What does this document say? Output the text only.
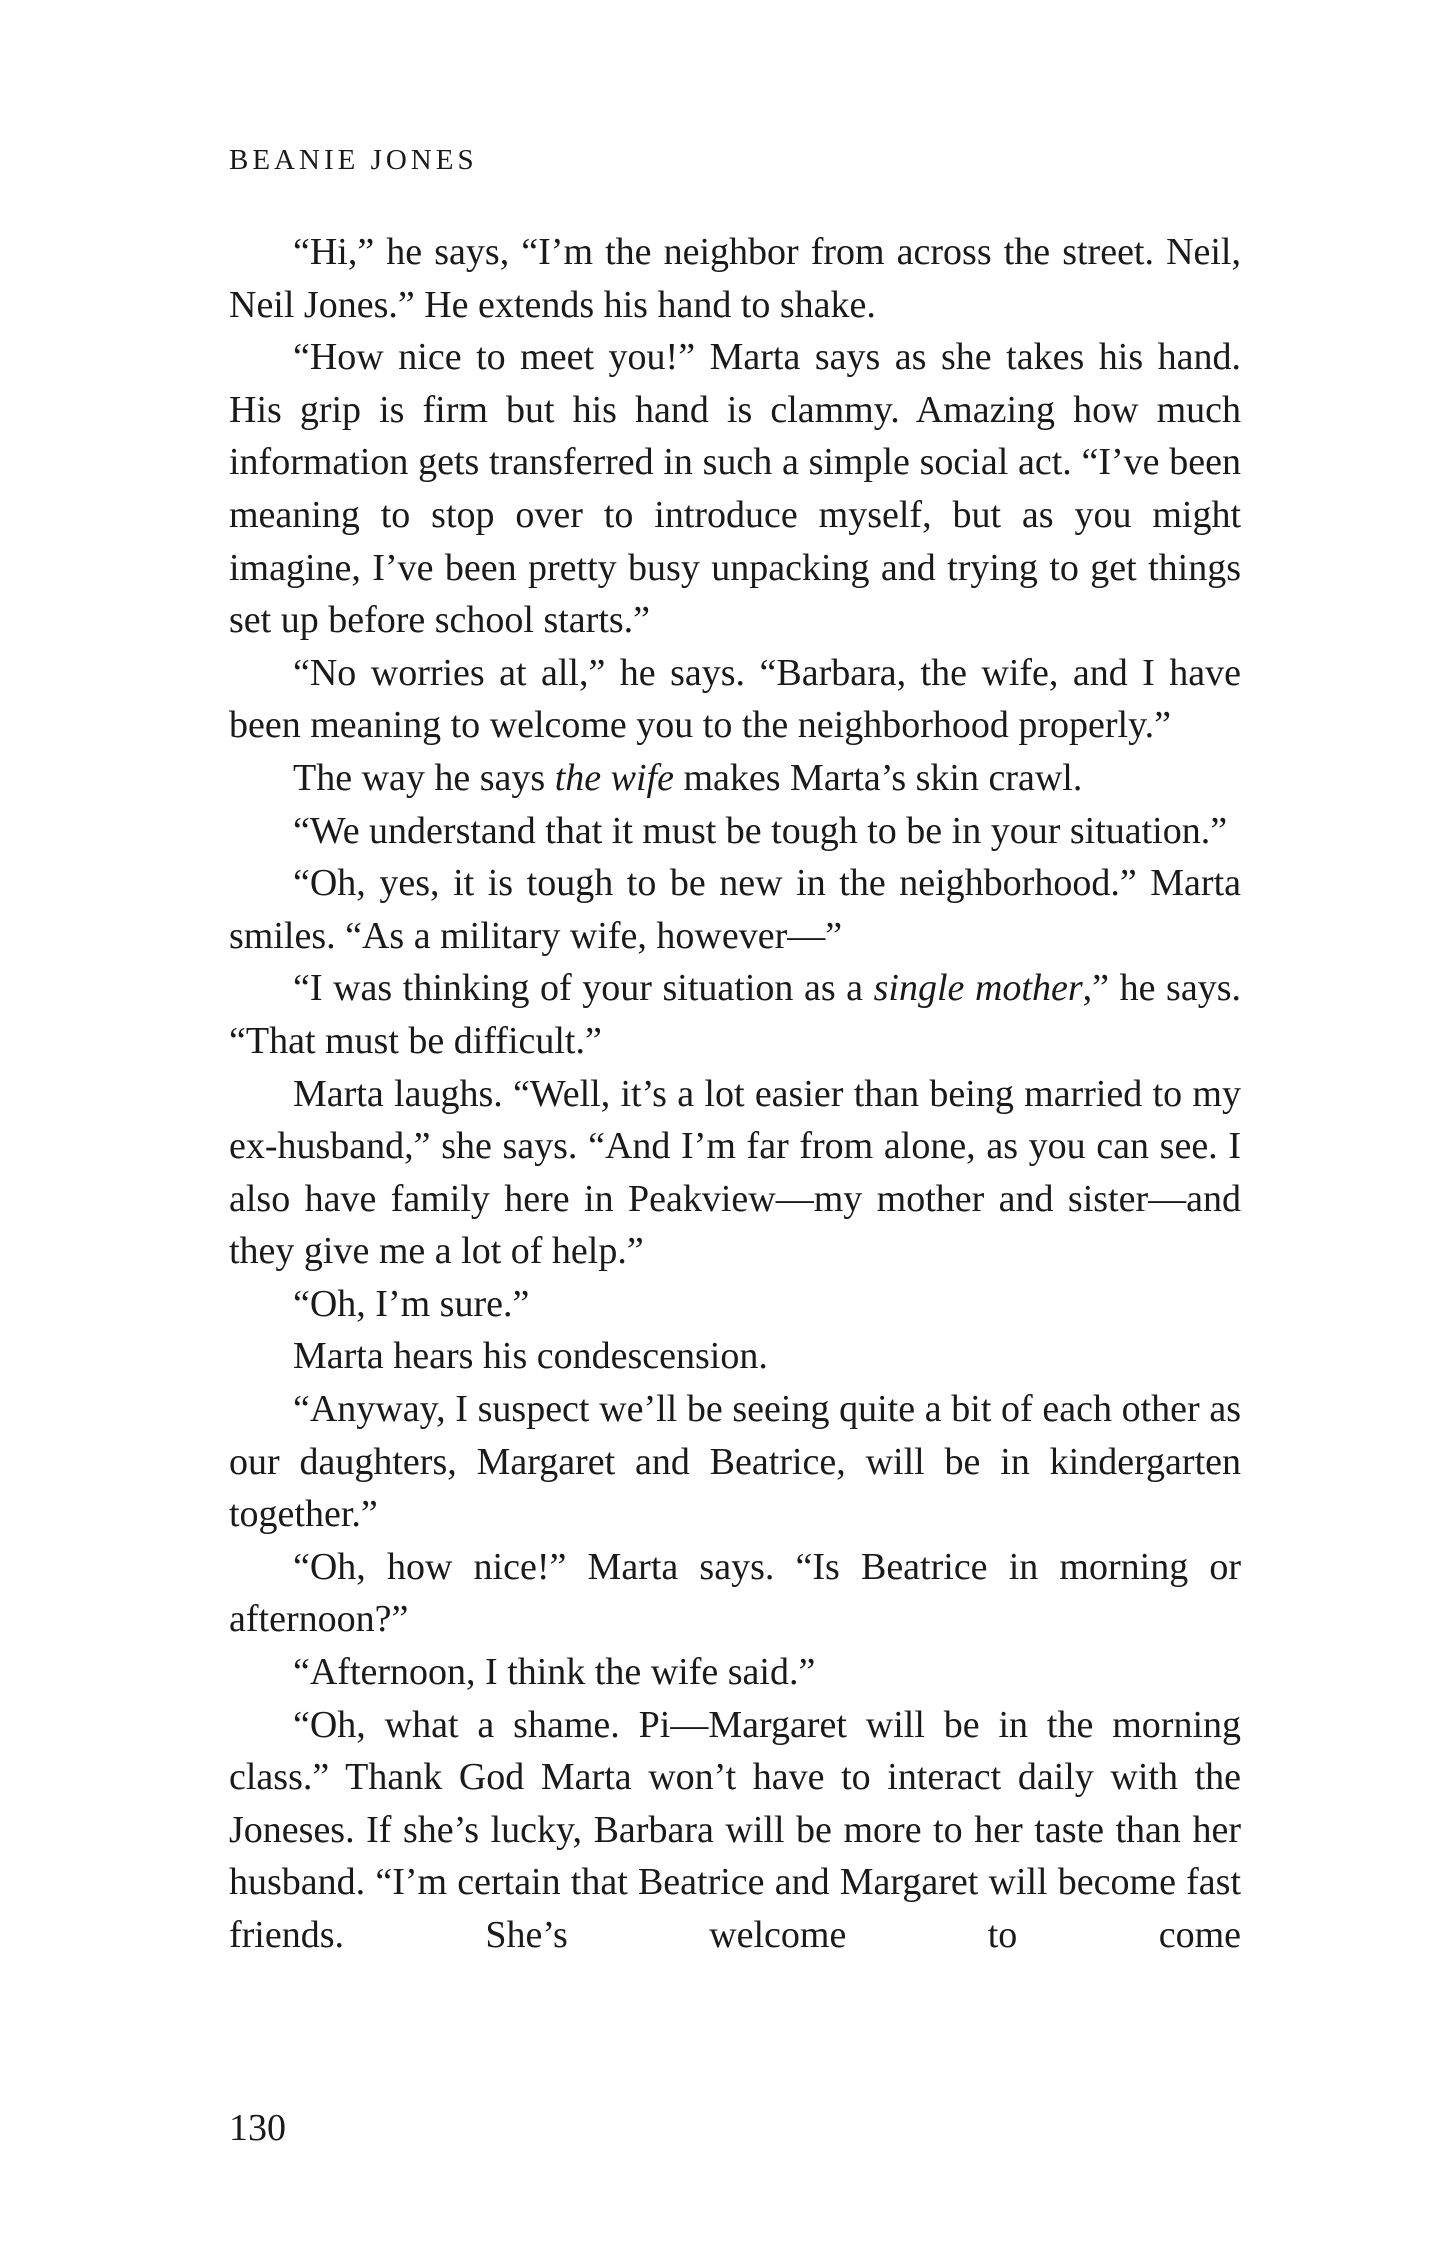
BEANIE JONES

“Hi,” he says, “I’m the neighbor from across the street. Neil, Neil Jones.” He extends his hand to shake.

“How nice to meet you!” Marta says as she takes his hand. His grip is firm but his hand is clammy. Amazing how much information gets transferred in such a simple social act. “I’ve been meaning to stop over to introduce myself, but as you might imagine, I’ve been pretty busy unpacking and trying to get things set up before school starts.”

“No worries at all,” he says. “Barbara, the wife, and I have been meaning to welcome you to the neighborhood properly.”

The way he says the wife makes Marta’s skin crawl.

“We understand that it must be tough to be in your situation.”

“Oh, yes, it is tough to be new in the neighborhood.” Marta smiles. “As a military wife, however—”

“I was thinking of your situation as a single mother,” he says. “That must be difficult.”

Marta laughs. “Well, it’s a lot easier than being married to my ex-husband,” she says. “And I’m far from alone, as you can see. I also have family here in Peakview—my mother and sister—and they give me a lot of help.”

“Oh, I’m sure.”

Marta hears his condescension.

“Anyway, I suspect we’ll be seeing quite a bit of each other as our daughters, Margaret and Beatrice, will be in kindergarten together.”

“Oh, how nice!” Marta says. “Is Beatrice in morning or afternoon?”

“Afternoon, I think the wife said.”

“Oh, what a shame. Pi—Margaret will be in the morning class.” Thank God Marta won’t have to interact daily with the Joneses. If she’s lucky, Barbara will be more to her taste than her husband. “I’m certain that Beatrice and Margaret will become fast friends. She’s welcome to come

130
